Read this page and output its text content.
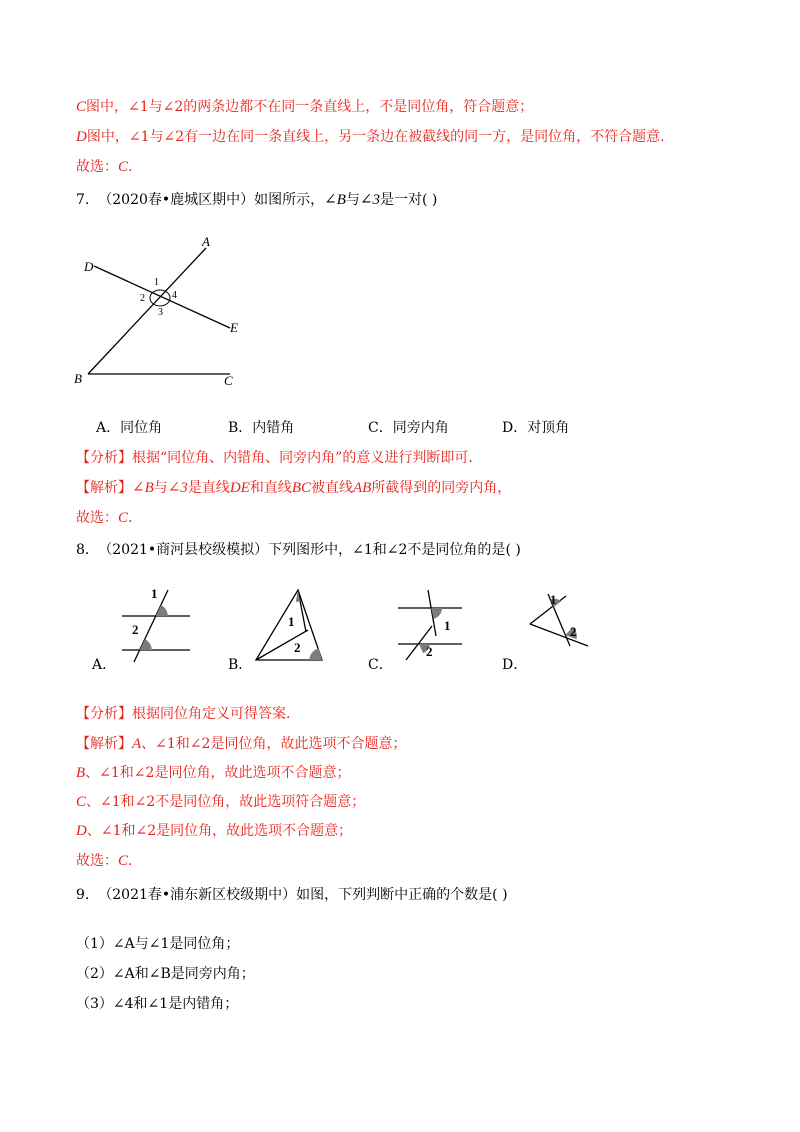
C图中，∠1与∠2的两条边都不在同一条直线上，不是同位角，符合题意；
D图中，∠1与∠2有一边在同一条直线上，另一条边在被截线的同一方，是同位角，不符合题意.
故选：C.
7. （2020春•鹿城区期中）如图所示，∠B与∠3是一对( )
A
D
E
B	C
1
2
3
4
A．同位角	B．内错角	C．同旁内角	D．对顶角
【分析】根据“同位角、内错角、同旁内角”的意义进行判断即可.
【解析】∠B与∠3是直线DE和直线BC被直线AB所截得到的同旁内角，
故选：C.
8. （2021•商河县校级模拟）下列图形中，∠1和∠2不是同位角的是( )
1
2
A．
1
2
B．
1
2
C．
1
2
D．
【分析】根据同位角定义可得答案.
【解析】A、∠1和∠2是同位角，故此选项不合题意；
B、∠1和∠2是同位角，故此选项不合题意；
C、∠1和∠2不是同位角，故此选项符合题意；
D、∠1和∠2是同位角，故此选项不合题意；
故选：C.
9. （2021春•浦东新区校级期中）如图，下列判断中正确的个数是( )
（1）∠A与∠1是同位角；
（2）∠A和∠B是同旁内角；
（3）∠4和∠1是内错角；
